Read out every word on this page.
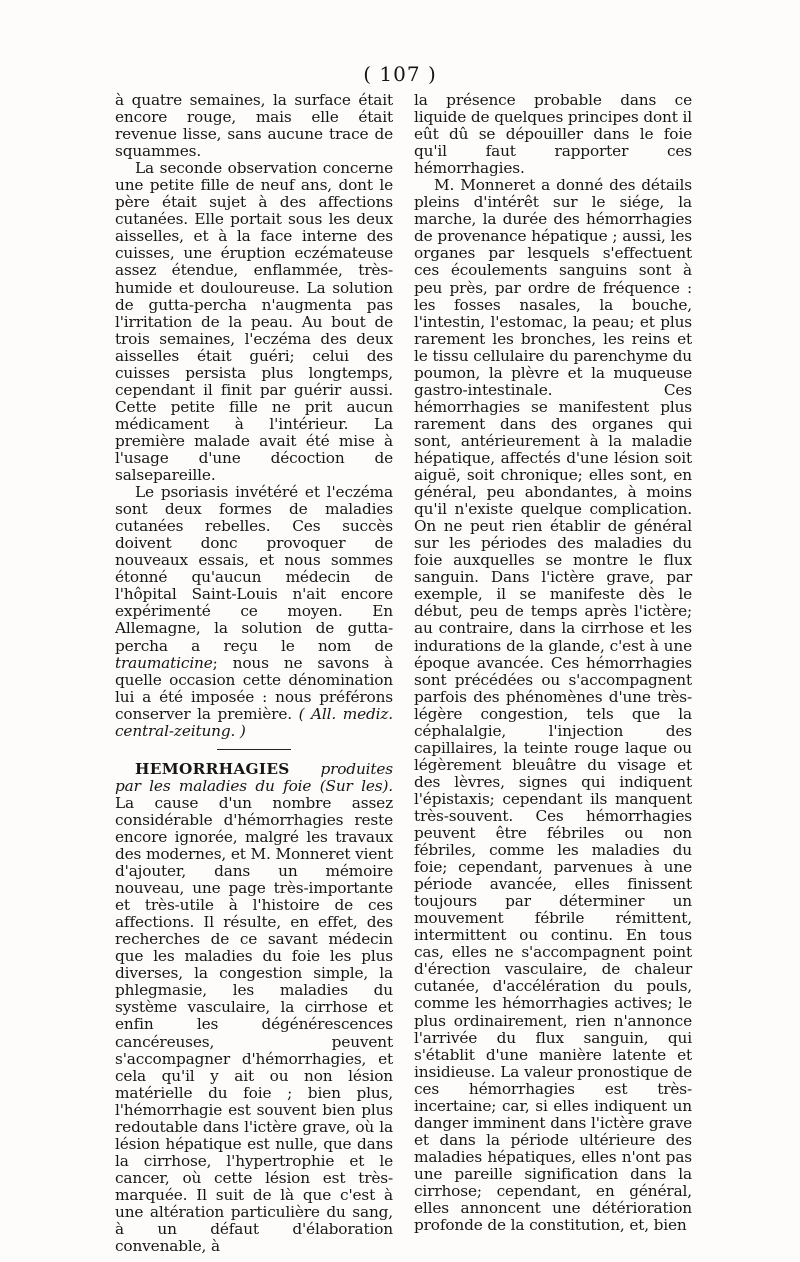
( 107 )

à quatre semaines, la surface était encore rouge, mais elle était revenue lisse, sans aucune trace de squammes.

La seconde observation concerne une petite fille de neuf ans, dont le père était sujet à des affections cutanées. Elle portait sous les deux aisselles, et à la face interne des cuisses, une éruption eczémateuse assez étendue, enflammée, très-humide et douloureuse. La solution de gutta-percha n'augmenta pas l'irritation de la peau. Au bout de trois semaines, l'eczéma des deux aisselles était guéri; celui des cuisses persista plus longtemps, cependant il finit par guérir aussi. Cette petite fille ne prit aucun médicament à l'intérieur. La première malade avait été mise à l'usage d'une décoction de salsepareille.

Le psoriasis invétéré et l'eczéma sont deux formes de maladies cutanées rebelles. Ces succès doivent donc provoquer de nouveaux essais, et nous sommes étonné qu'aucun médecin de l'hôpital Saint-Louis n'ait encore expérimenté ce moyen. En Allemagne, la solution de gutta-percha a reçu le nom de traumaticine; nous ne savons à quelle occasion cette dénomination lui a été imposée : nous préférons conserver la première. ( All. mediz. central-zeitung. )

HEMORRHAGIES produites par les maladies du foie (Sur les). La cause d'un nombre assez considérable d'hémorrhagies reste encore ignorée, malgré les travaux des modernes, et M. Monneret vient d'ajouter, dans un mémoire nouveau, une page très-importante et très-utile à l'histoire de ces affections. Il résulte, en effet, des recherches de ce savant médecin que les maladies du foie les plus diverses, la congestion simple, la phlegmasie, les maladies du système vasculaire, la cirrhose et enfin les dégénérescences cancéreuses, peuvent s'accompagner d'hémorrhagies, et cela qu'il y ait ou non lésion matérielle du foie ; bien plus, l'hémorrhagie est souvent bien plus redoutable dans l'ictère grave, où la lésion hépatique est nulle, que dans la cirrhose, l'hypertrophie et le cancer, où cette lésion est très-marquée. Il suit de là que c'est à une altération particulière du sang, à un défaut d'élaboration convenable, à

la présence probable dans ce liquide de quelques principes dont il eût dû se dépouiller dans le foie qu'il faut rapporter ces hémorrhagies.

M. Monneret a donné des détails pleins d'intérêt sur le siége, la marche, la durée des hémorrhagies de provenance hépatique ; aussi, les organes par lesquels s'effectuent ces écoulements sanguins sont à peu près, par ordre de fréquence : les fosses nasales, la bouche, l'intestin, l'estomac, la peau; et plus rarement les bronches, les reins et le tissu cellulaire du parenchyme du poumon, la plèvre et la muqueuse gastro-intestinale. Ces hémorrhagies se manifestent plus rarement dans des organes qui sont, antérieurement à la maladie hépatique, affectés d'une lésion soit aiguë, soit chronique; elles sont, en général, peu abondantes, à moins qu'il n'existe quelque complication. On ne peut rien établir de général sur les périodes des maladies du foie auxquelles se montre le flux sanguin. Dans l'ictère grave, par exemple, il se manifeste dès le début, peu de temps après l'ictère; au contraire, dans la cirrhose et les indurations de la glande, c'est à une époque avancée. Ces hémorrhagies sont précédées ou s'accompagnent parfois des phénomènes d'une très-légère congestion, tels que la céphalalgie, l'injection des capillaires, la teinte rouge laque ou légèrement bleuâtre du visage et des lèvres, signes qui indiquent l'épistaxis; cependant ils manquent très-souvent. Ces hémorrhagies peuvent être fébriles ou non fébriles, comme les maladies du foie; cependant, parvenues à une période avancée, elles finissent toujours par déterminer un mouvement fébrile rémittent, intermittent ou continu. En tous cas, elles ne s'accompagnent point d'érection vasculaire, de chaleur cutanée, d'accélération du pouls, comme les hémorrhagies actives; le plus ordinairement, rien n'annonce l'arrivée du flux sanguin, qui s'établit d'une manière latente et insidieuse. La valeur pronostique de ces hémorrhagies est très-incertaine; car, si elles indiquent un danger imminent dans l'ictère grave et dans la période ultérieure des maladies hépatiques, elles n'ont pas une pareille signification dans la cirrhose; cependant, en général, elles annoncent une détérioration profonde de la constitution, et, bien
